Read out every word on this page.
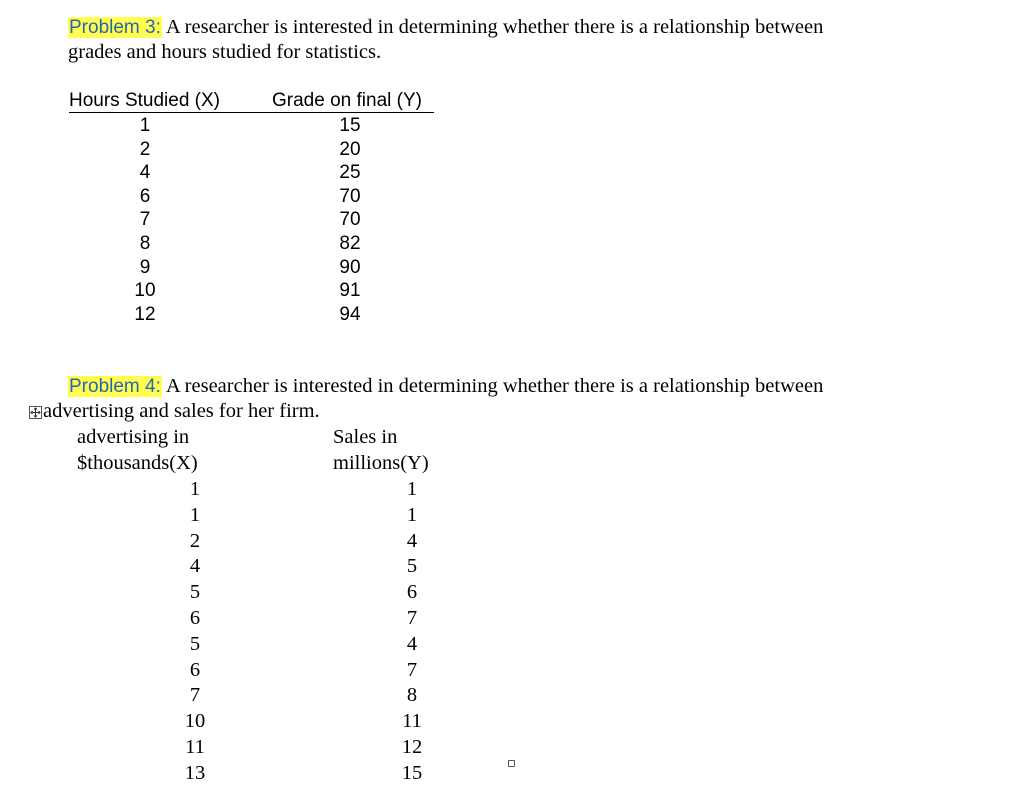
Problem 3: A researcher is interested in determining whether there is a relationship between
grades and hours studied for statistics.
Hours Studied (X)	Grade on final (Y)
1
2
4
6
7
8
9
10
12
15
20
25
70
70
82
90
91
94
Problem 4: A researcher is interested in determining whether there is a relationship between
advertising and sales for her firm.
advertising in
$thousands(X)
Sales in
millions(Y)
1
1
2
4
5
6
5
6
7
10
11
13
1
1
4
5
6
7
4
7
8
11
12
15
